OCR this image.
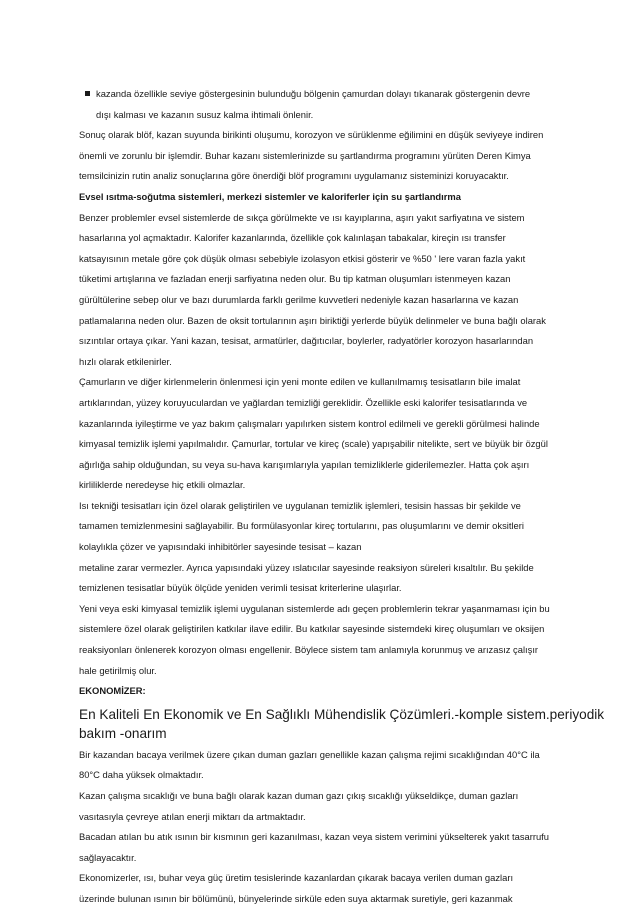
kazanda özellikle seviye göstergesinin bulunduğu bölgenin çamurdan dolayı tıkanarak göstergenin devre
dışı kalması ve kazanın susuz kalma ihtimali önlenir.
Sonuç olarak blöf, kazan suyunda birikinti oluşumu, korozyon ve sürüklenme eğilimini en düşük seviyeye indiren
önemli ve zorunlu bir işlemdir. Buhar kazanı sistemlerinizde su şartlandırma programını yürüten Deren Kimya
temsilcinizin rutin analiz sonuçlarına göre önerdiği blöf programını uygulamanız sisteminizi koruyacaktır.
Evsel ısıtma-soğutma sistemleri, merkezi sistemler ve kaloriferler için su şartlandırma
Benzer problemler evsel sistemlerde de sıkça görülmekte ve ısı kayıplarına, aşırı yakıt sarfiyatına ve sistem
hasarlarına yol açmaktadır. Kalorifer kazanlarında, özellikle çok kalınlaşan tabakalar, kireçin ısı transfer
katsayısının metale göre çok düşük olması sebebiyle izolasyon etkisi gösterir ve %50 ' lere varan fazla yakıt
tüketimi artışlarına ve fazladan enerji sarfiyatına neden olur. Bu tip katman oluşumları istenmeyen kazan
gürültülerine sebep olur ve bazı durumlarda farklı gerilme kuvvetleri nedeniyle kazan hasarlarına ve kazan
patlamalarına neden olur. Bazen de oksit tortularının aşırı biriktiği yerlerde büyük delinmeler ve buna bağlı olarak
sızıntılar ortaya çıkar. Yani kazan, tesisat, armatürler, dağıtıcılar, boylerler, radyatörler korozyon hasarlarından
hızlı olarak etkilenirler.
Çamurların ve diğer kirlenmelerin önlenmesi için yeni monte edilen ve kullanılmamış tesisatların bile imalat
artıklarından, yüzey koruyuculardan ve yağlardan temizliği gereklidir. Özellikle eski kalorifer tesisatlarında ve
kazanlarında iyileştirme ve yaz bakım çalışmaları yapılırken sistem kontrol edilmeli ve gerekli görülmesi halinde
kimyasal temizlik işlemi yapılmalıdır. Çamurlar, tortular ve kireç (scale) yapışabilir nitelikte, sert ve büyük bir özgül
ağırlığa sahip olduğundan, su veya su-hava karışımlarıyla yapılan temizliklerle giderilemezler. Hatta çok aşırı
kirliliklerde neredeyse hiç etkili olmazlar.
Isı tekniği tesisatları için özel olarak geliştirilen ve uygulanan temizlik işlemleri, tesisin hassas bir şekilde ve
tamamen temizlenmesini sağlayabilir. Bu formülasyonlar kireç tortularını, pas oluşumlarını ve demir oksitleri
kolaylıkla çözer ve yapısındaki inhibitörler sayesinde tesisat – kazan
metaline zarar vermezler. Ayrıca yapısındaki yüzey ıslatıcılar sayesinde reaksiyon süreleri kısaltılır. Bu şekilde
temizlenen tesisatlar büyük ölçüde yeniden verimli tesisat kriterlerine ulaşırlar.
Yeni veya eski kimyasal temizlik işlemi uygulanan sistemlerde adı geçen problemlerin tekrar yaşanmaması için bu
sistemlere özel olarak geliştirilen katkılar ilave edilir. Bu katkılar sayesinde sistemdeki kireç oluşumları ve oksijen
reaksiyonları önlenerek korozyon olması engellenir. Böylece sistem tam anlamıyla korunmuş ve arızasız çalışır
hale getirilmiş olur.
EKONOMİZER:
En Kaliteli En Ekonomik ve En Sağlıklı Mühendislik Çözümleri.-komple sistem.periyodik
bakım -onarım
Bir kazandan bacaya verilmek üzere çıkan duman gazları genellikle kazan çalışma rejimi sıcaklığından 40°C ila
80°C daha yüksek olmaktadır.
Kazan çalışma sıcaklığı ve buna bağlı olarak kazan duman gazı çıkış sıcaklığı yükseldikçe, duman gazları
vasıtasıyla çevreye atılan enerji miktarı da artmaktadır.
Bacadan atılan bu atık ısının bir kısmının geri kazanılması, kazan veya sistem verimini yükselterek yakıt tasarrufu
sağlayacaktır.
Ekonomizerler, ısı, buhar veya güç üretim tesislerinde kazanlardan çıkarak bacaya verilen duman gazları
üzerinde bulunan ısının bir bölümünü, bünyelerinde sirküle eden suya aktarmak suretiyle, geri kazanmak
